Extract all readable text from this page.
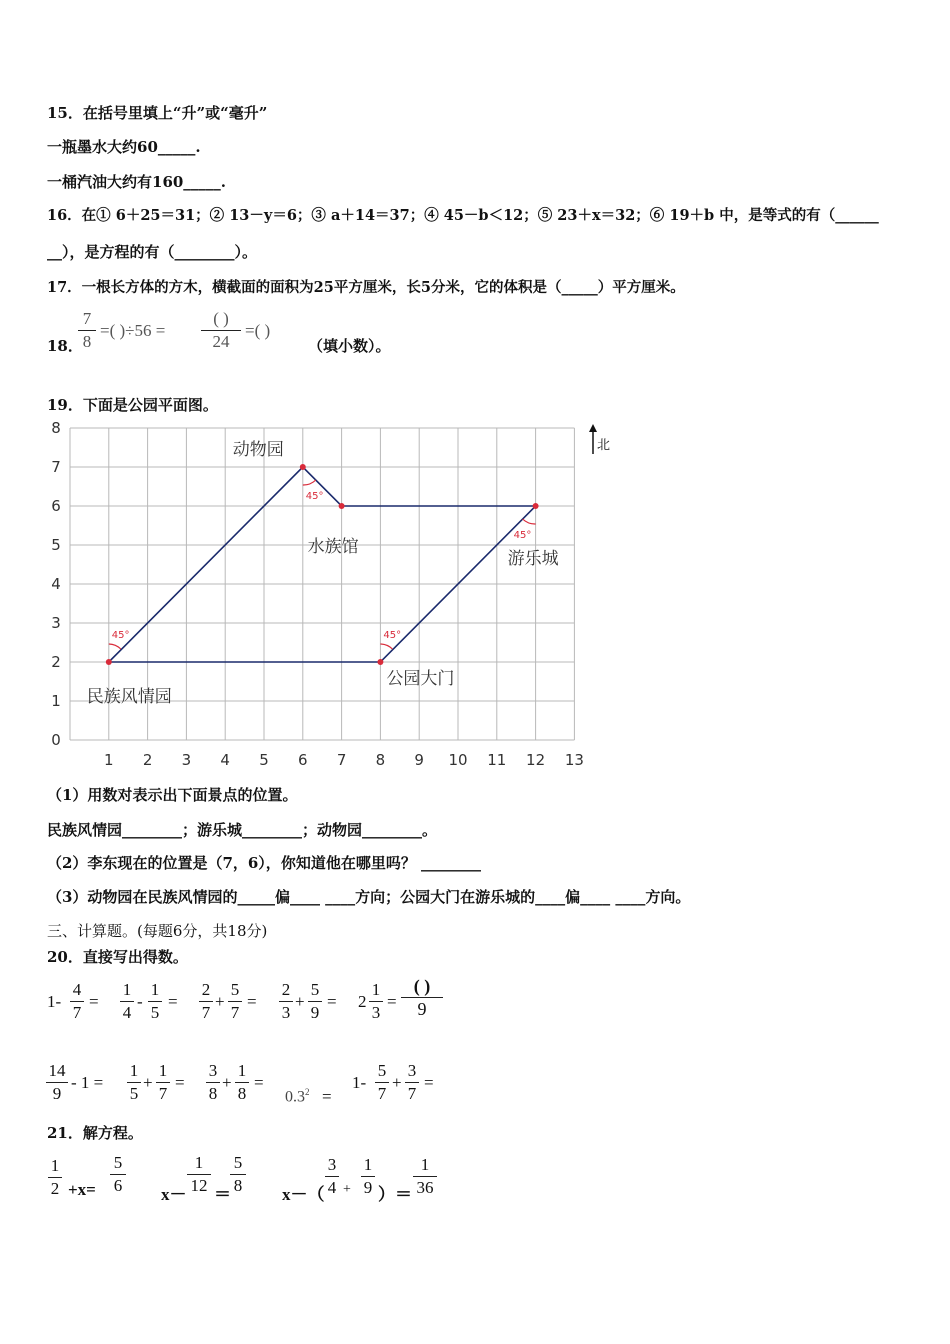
15．在括号里填上“升”或“毫升”
一瓶墨水大约60_____.
一桶汽油大约有160_____.
16．在① 6＋25＝31；② 13－y＝6；③ a＋14＝37；④ 45－b＜12；⑤ 23＋x＝32；⑥ 19＋b 中，是等式的有（______
__），是方程的有（________）。
17．一根长方体的方木，横截面的面积为25平方厘米，长5分米，它的体积是（_____）平方厘米。
18．
7
8
=( )÷56 =
( )
24
=( )
（填小数）。
19．下面是公园平面图。
1 2 3 4 5 6 7 8 9 10 11 12 13
0
1
2
3
4
5
6
7
8
民族风情园
动物园
水族馆
游乐城
公园大门
45°	45°
45°
45°
北
（1）用数对表示出下面景点的位置。
民族风情园________；游乐城________；动物园________。
（2）李东现在的位置是（7，6），你知道他在哪里吗？ ________
（3）动物园在民族风情园的_____偏____ ____方向；公园大门在游乐城的____偏____ ____方向。
三、计算题。(每题6分，共18分)
20．直接写出得数。
1-
4
7
=
1
4
-
1
5
=
2
7
+
5
7
=
2
3
+
5
9
= 2
1
3
=
( )
9
14
9
- 1 =
1
5
+
1
7
=
3
8
+
1
8
=
$0.3^2$ =
1-
5
7
+
3
7
=
21．解方程。
1
2 +x=
5
6 x－
1
12 ＝
5
8 x－（
3
4 +
1
9 ）＝
1
36
